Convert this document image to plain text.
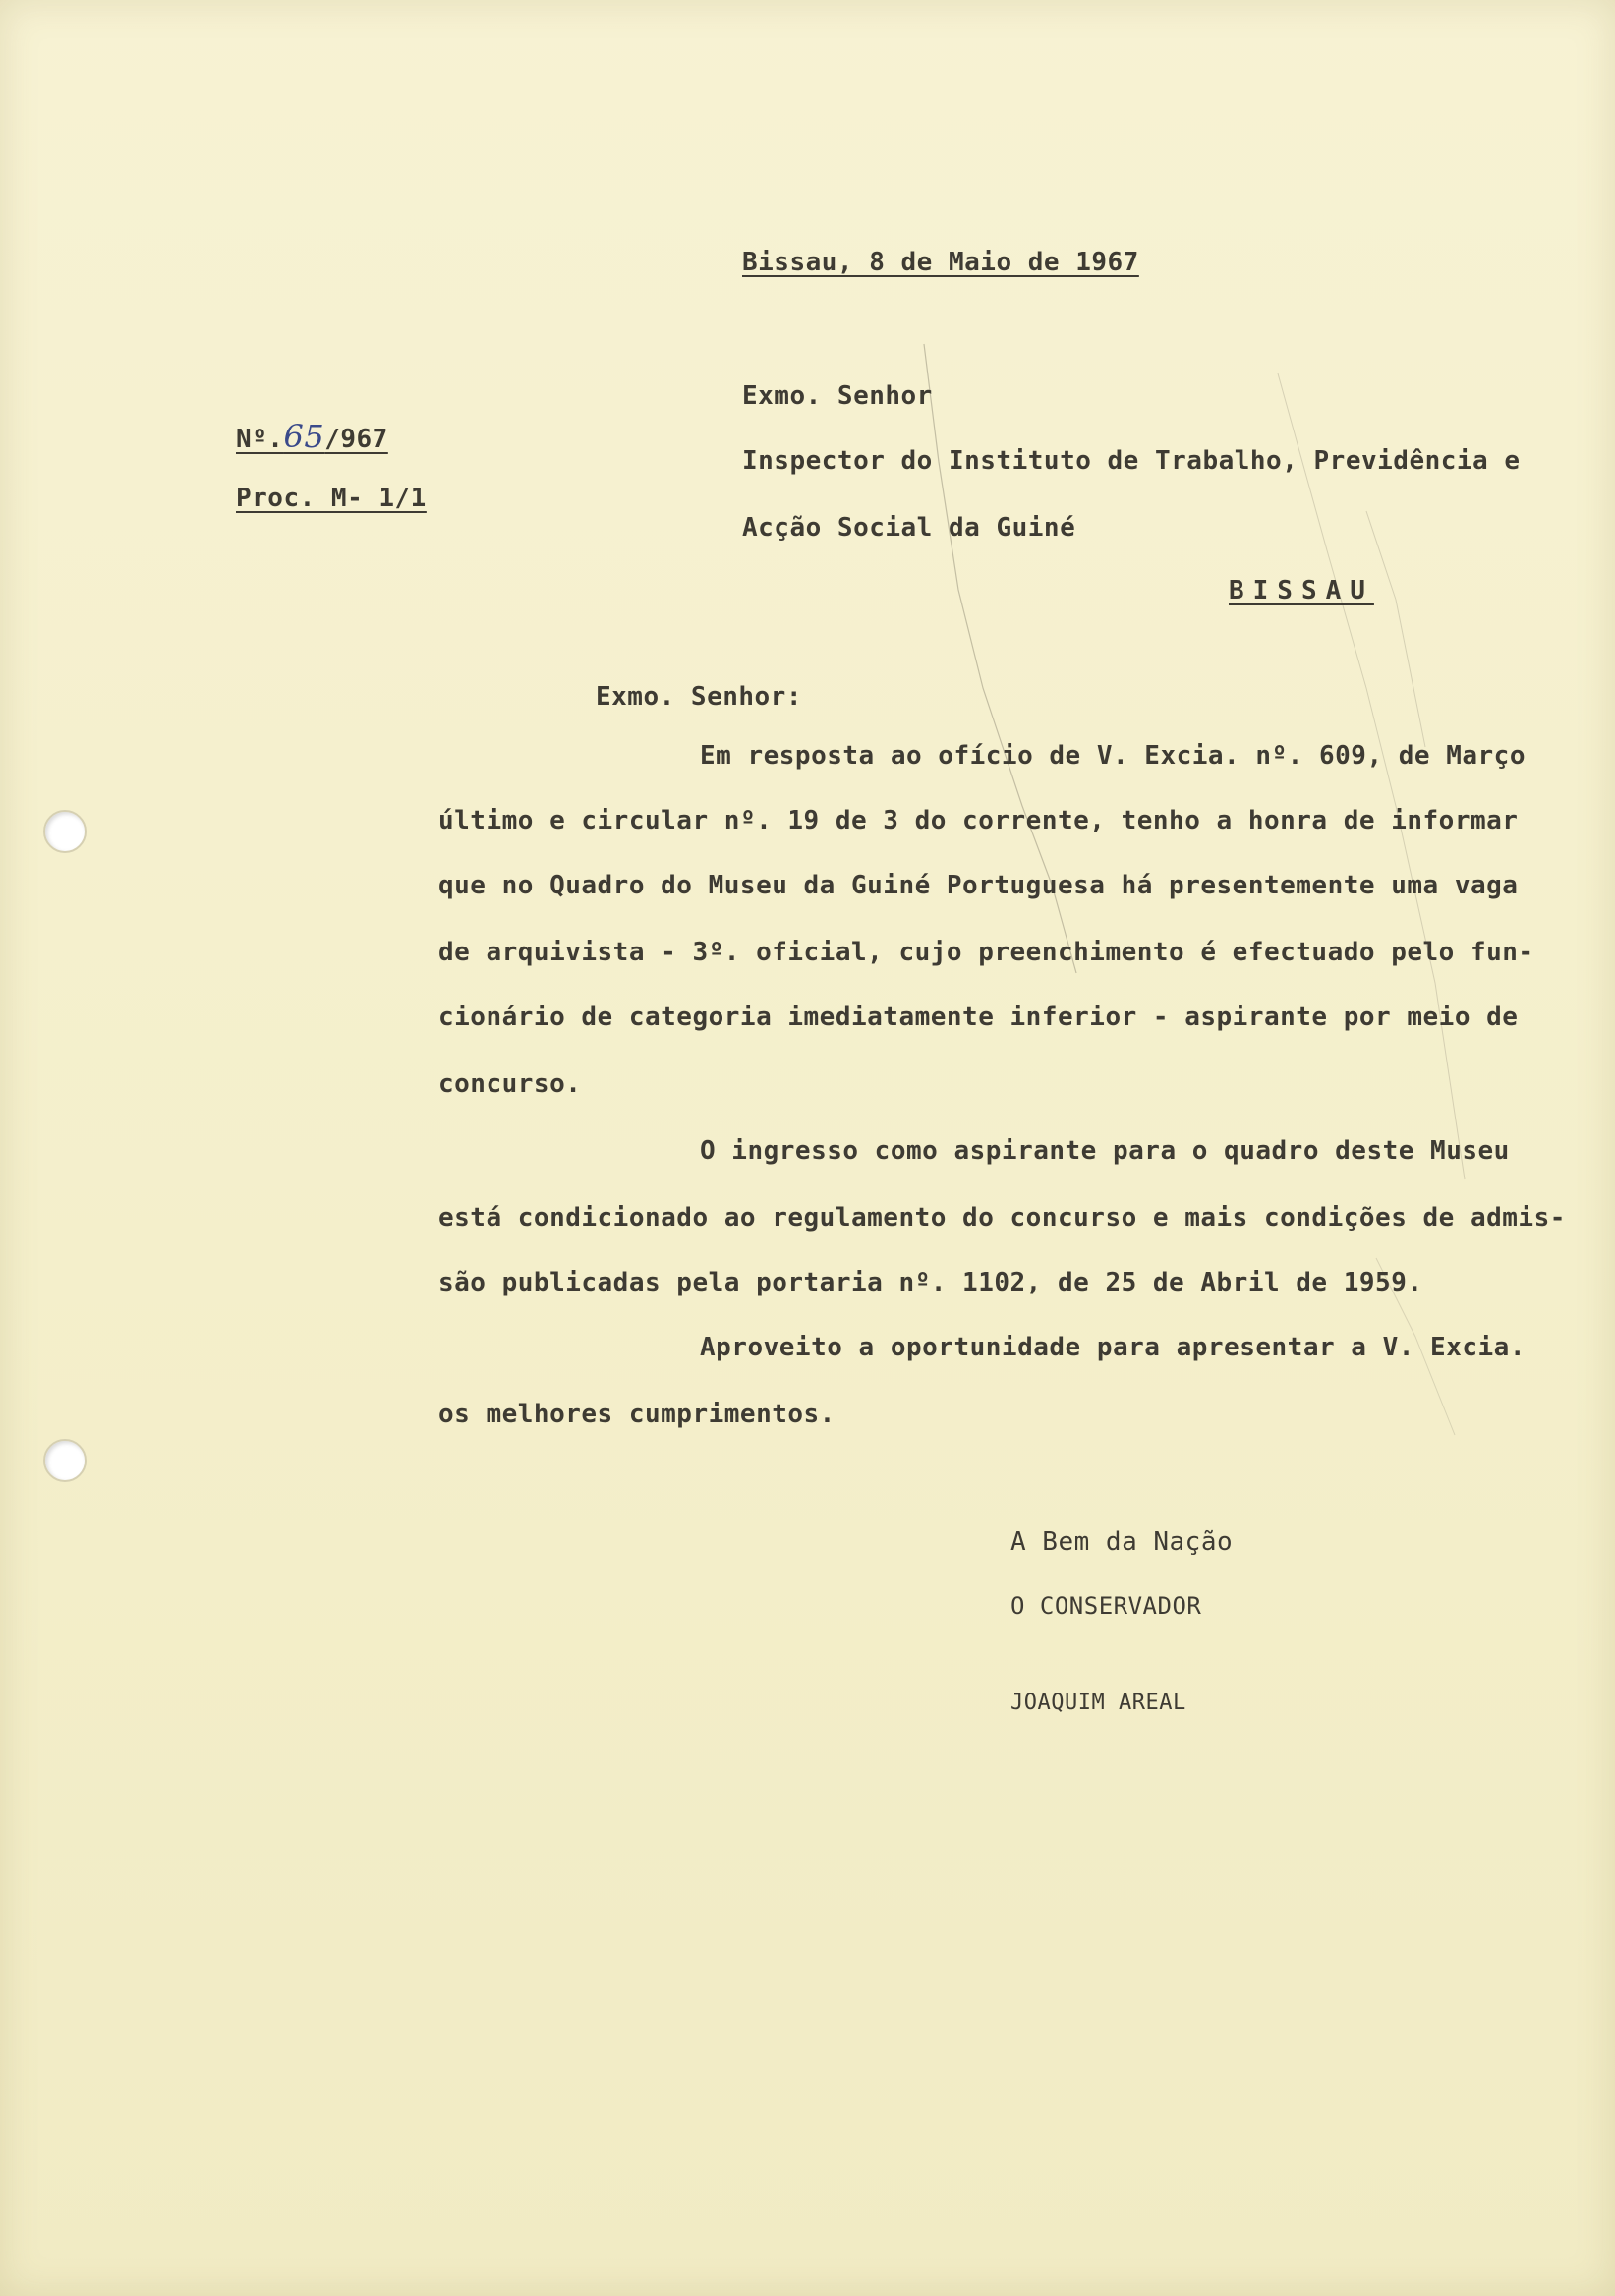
Bissau, 8 de Maio de 1967
Nº.65/967
Proc. M- 1/1
Exmo. Senhor
Inspector do Instituto de Trabalho, Previdência e
Acção Social da Guiné
BISSAU
Exmo. Senhor:
Em resposta ao ofício de V. Excia. nº. 609, de Março
último e circular nº. 19 de 3 do corrente, tenho a honra de informar
que no Quadro do Museu da Guiné Portuguesa há presentemente uma vaga
de arquivista - 3º. oficial, cujo preenchimento é efectuado pelo fun-
cionário de categoria imediatamente inferior - aspirante por meio de
concurso.
O ingresso como aspirante para o quadro deste Museu
está condicionado ao regulamento do concurso e mais condições de admis-
são publicadas pela portaria nº. 1102, de 25 de Abril de 1959.
Aproveito a oportunidade para apresentar a V. Excia.
os melhores cumprimentos.
A Bem da Nação
O CONSERVADOR
JOAQUIM AREAL
